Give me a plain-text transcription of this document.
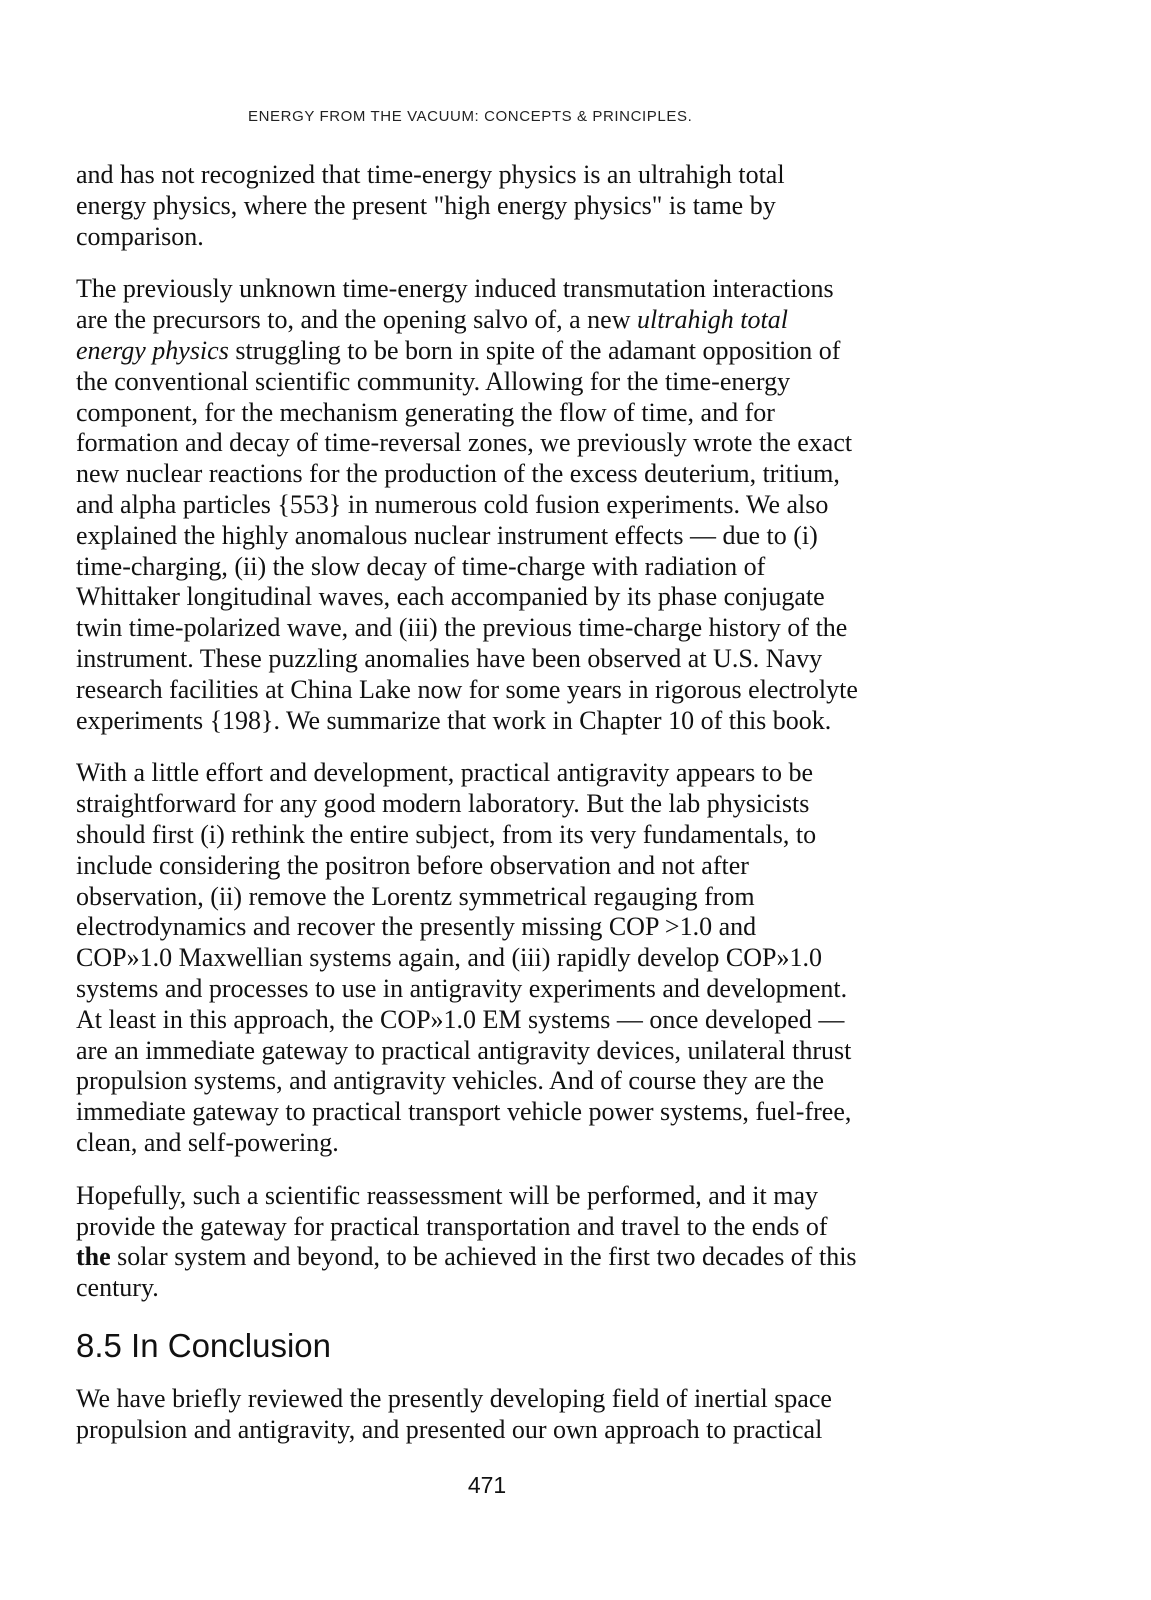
ENERGY FROM THE VACUUM: CONCEPTS & PRINCIPLES.

and has not recognized that time-energy physics is an ultrahigh total
energy physics, where the present "high energy physics" is tame by
comparison.

The previously unknown time-energy induced transmutation interactions
are the precursors to, and the opening salvo of, a new ultrahigh total
energy physics struggling to be born in spite of the adamant opposition of
the conventional scientific community. Allowing for the time-energy
component, for the mechanism generating the flow of time, and for
formation and decay of time-reversal zones, we previously wrote the exact
new nuclear reactions for the production of the excess deuterium, tritium,
and alpha particles {553} in numerous cold fusion experiments. We also
explained the highly anomalous nuclear instrument effects — due to (i)
time-charging, (ii) the slow decay of time-charge with radiation of
Whittaker longitudinal waves, each accompanied by its phase conjugate
twin time-polarized wave, and (iii) the previous time-charge history of the
instrument. These puzzling anomalies have been observed at U.S. Navy
research facilities at China Lake now for some years in rigorous electrolyte
experiments {198}. We summarize that work in Chapter 10 of this book.

With a little effort and development, practical antigravity appears to be
straightforward for any good modern laboratory. But the lab physicists
should first (i) rethink the entire subject, from its very fundamentals, to
include considering the positron before observation and not after
observation, (ii) remove the Lorentz symmetrical regauging from
electrodynamics and recover the presently missing COP >1.0 and
COP»1.0 Maxwellian systems again, and (iii) rapidly develop COP»1.0
systems and processes to use in antigravity experiments and development.
At least in this approach, the COP»1.0 EM systems — once developed —
are an immediate gateway to practical antigravity devices, unilateral thrust
propulsion systems, and antigravity vehicles. And of course they are the
immediate gateway to practical transport vehicle power systems, fuel-free,
clean, and self-powering.

Hopefully, such a scientific reassessment will be performed, and it may
provide the gateway for practical transportation and travel to the ends of
the solar system and beyond, to be achieved in the first two decades of this
century.

8.5 In Conclusion

We have briefly reviewed the presently developing field of inertial space
propulsion and antigravity, and presented our own approach to practical

471
